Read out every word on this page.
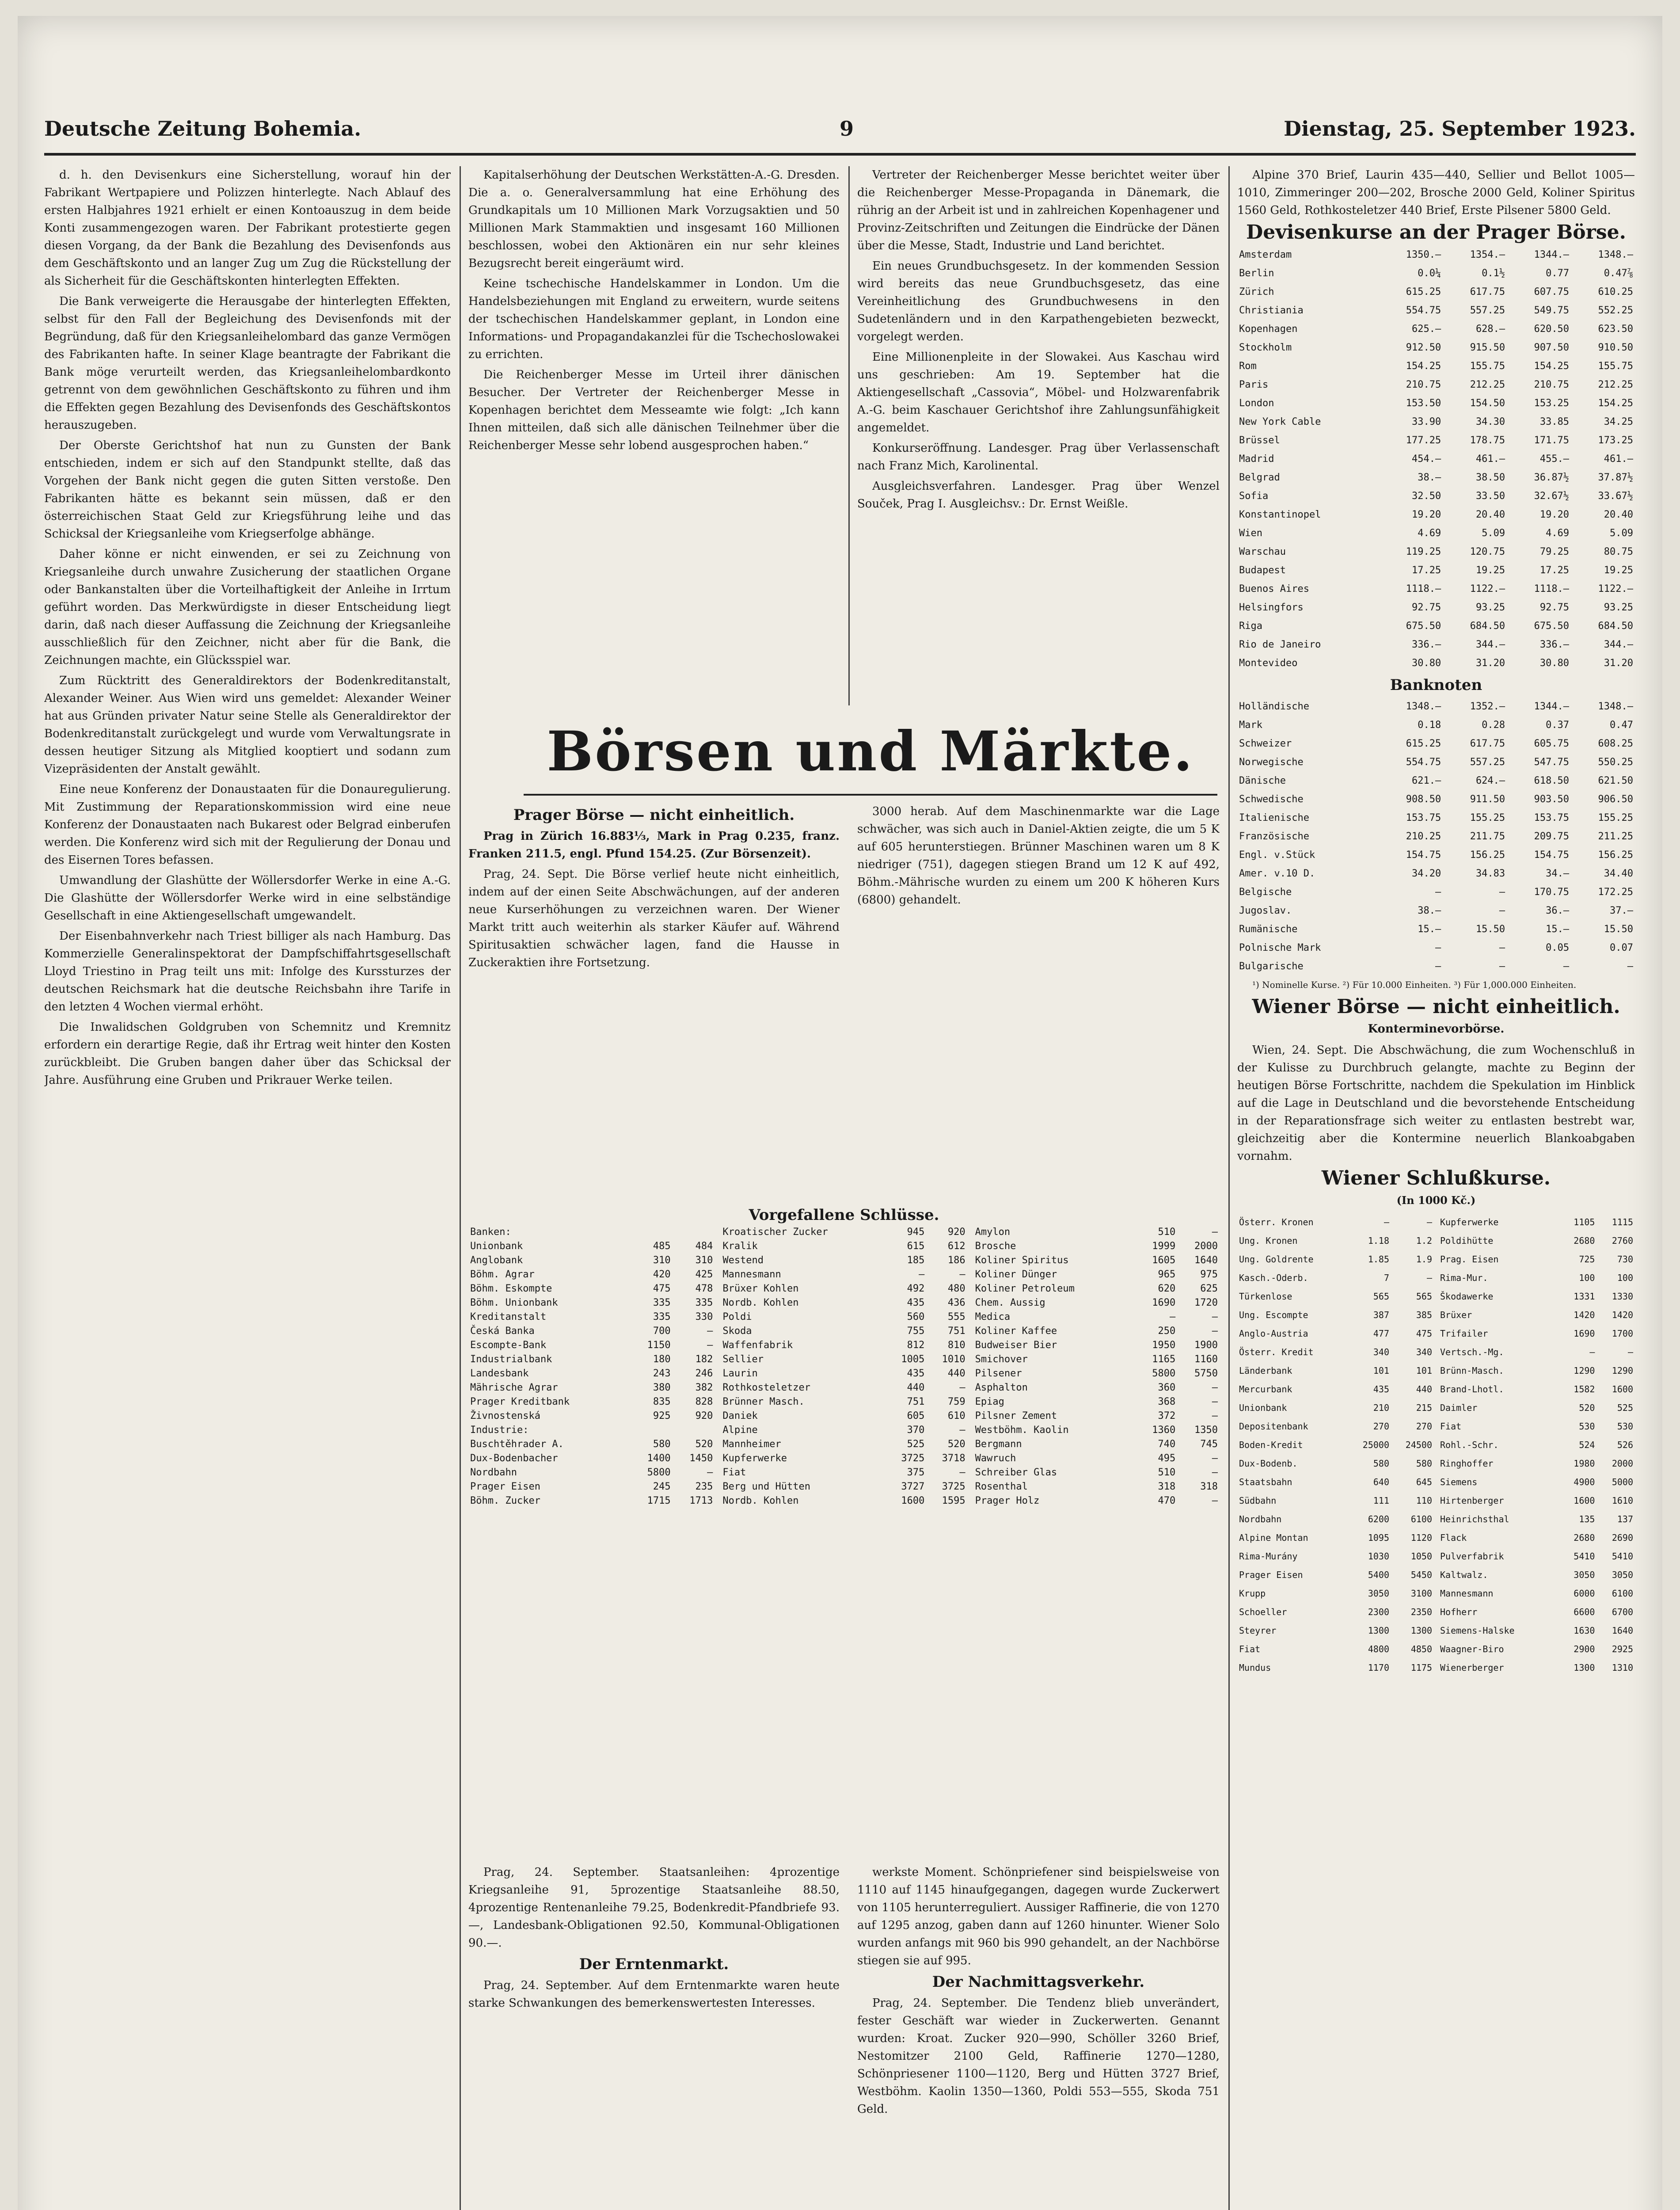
Deutsche Zeitung Bohemia.	9	Dienstag, 25. September 1923.

d. h. den Devisenkurs eine Sicherstellung, worauf hin der Fabrikant Wertpapiere und Polizzen hinterlegte. Nach Ablauf des ersten Halbjahres 1921 erhielt er einen Kontoauszug in dem beide Konti zusammengezogen waren. Der Fabrikant protestierte gegen diesen Vorgang, da der Bank die Bezahlung des Devisenfonds aus dem Geschäftskonto und an langer Zug um Zug die Rückstellung der als Sicherheit für die Geschäftskonten hinterlegten Effekten.

Die Bank verweigerte die Herausgabe der hinterlegten Effekten, selbst für den Fall der Begleichung des Devisenfonds mit der Begründung, daß für den Kriegsanleihelombard das ganze Vermögen des Fabrikanten hafte. In seiner Klage beantragte der Fabrikant die Bank möge verurteilt werden, das Kriegsanleihelombardkonto getrennt von dem gewöhnlichen Geschäftskonto zu führen und ihm die Effekten gegen Bezahlung des Devisenfonds des Geschäftskontos herauszugeben.

Der Oberste Gerichtshof hat nun zu Gunsten der Bank entschieden, indem er sich auf den Standpunkt stellte, daß das Vorgehen der Bank nicht gegen die guten Sitten verstoße. Den Fabrikanten hätte es bekannt sein müssen, daß er den österreichischen Staat Geld zur Kriegsführung leihe und das Schicksal der Kriegsanleihe vom Kriegserfolge abhänge.

Daher könne er nicht einwenden, er sei zu Zeichnung von Kriegsanleihe durch unwahre Zusicherung der staatlichen Organe oder Bankanstalten über die Vorteilhaftigkeit der Anleihe in Irrtum geführt worden. Das Merkwürdigste in dieser Entscheidung liegt darin, daß nach dieser Auffassung die Zeichnung der Kriegsanleihe ausschließlich für den Zeichner, nicht aber für die Bank, die Zeichnungen machte, ein Glücksspiel war.

Zum Rücktritt des Generaldirektors der Bodenkreditanstalt, Alexander Weiner. Aus Wien wird uns gemeldet: Alexander Weiner hat aus Gründen privater Natur seine Stelle als Generaldirektor der Bodenkreditanstalt zurückgelegt und wurde vom Verwaltungsrate in dessen heutiger Sitzung als Mitglied kooptiert und sodann zum Vizepräsidenten der Anstalt gewählt.

Eine neue Konferenz der Donaustaaten für die Donauregulierung. Mit Zustimmung der Reparationskommission wird eine neue Konferenz der Donaustaaten nach Bukarest oder Belgrad einberufen werden. Die Konferenz wird sich mit der Regulierung der Donau und des Eisernen Tores befassen.

Umwandlung der Glashütte der Wöllersdorfer Werke in eine A.-G. Die Glashütte der Wöllersdorfer Werke wird in eine selbständige Gesellschaft in eine Aktiengesellschaft umgewandelt.

Der Eisenbahnverkehr nach Triest billiger als nach Hamburg. Das Kommerzielle Generalinspektorat der Dampfschiffahrtsgesellschaft Lloyd Triestino in Prag teilt uns mit: Infolge des Kurssturzes der deutschen Reichsmark hat die deutsche Reichsbahn ihre Tarife in den letzten 4 Wochen viermal erhöht.

Die Inwalidschen Goldgruben von Schemnitz und Kremnitz erfordern ein derartige Regie, daß ihr Ertrag weit hinter den Kosten zurückbleibt. Die Gruben bangen daher über das Schicksal der Jahre. Ausführung eine Gruben und Prikrauer Werke teilen.

Kapitalserhöhung der Deutschen Werkstätten-A.-G. Dresden. Die a. o. Generalversammlung hat eine Erhöhung des Grundkapitals um 10 Millionen Mark Vorzugsaktien und 50 Millionen Mark Stammaktien und insgesamt 160 Millionen beschlossen, wobei den Aktionären ein nur sehr kleines Bezugsrecht bereit eingeräumt wird.

Keine tschechische Handelskammer in London. Um die Handelsbeziehungen mit England zu erweitern, wurde seitens der tschechischen Handelskammer geplant, in London eine Informations- und Propagandakanzlei für die Tschechoslowakei zu errichten.

Die Reichenberger Messe im Urteil ihrer dänischen Besucher. Der Vertreter der Reichenberger Messe in Kopenhagen berichtet dem Messeamte wie folgt: „Ich kann Ihnen mitteilen, daß sich alle dänischen Teilnehmer über die Reichenberger Messe sehr lobend ausgesprochen haben.“

Vertreter der Reichenberger Messe berichtet weiter über die Reichenberger Messe-Propaganda in Dänemark, die rührig an der Arbeit ist und in zahlreichen Kopenhagener und Provinz-Zeitschriften und Zeitungen die Eindrücke der Dänen über die Messe, Stadt, Industrie und Land berichtet.

Ein neues Grundbuchsgesetz. In der kommenden Session wird bereits das neue Grundbuchsgesetz, das eine Vereinheitlichung des Grundbuchwesens in den Sudetenländern und in den Karpathengebieten bezweckt, vorgelegt werden.

Eine Millionenpleite in der Slowakei. Aus Kaschau wird uns geschrieben: Am 19. September hat die Aktiengesellschaft „Cassovia“, Möbel- und Holzwarenfabrik A.-G. beim Kaschauer Gerichtshof ihre Zahlungsunfähigkeit angemeldet.

Konkurseröffnung. Landesger. Prag über Verlassenschaft nach Franz Mich, Karolinental.

Ausgleichsverfahren. Landesger. Prag über Wenzel Souček, Prag I. Ausgleichsv.: Dr. Ernst Weißle.

Alpine 370 Brief, Laurin 435—440, Sellier und Bellot 1005—1010, Zimmeringer 200—202, Brosche 2000 Geld, Koliner Spiritus 1560 Geld, Rothkosteletzer 440 Brief, Erste Pilsener 5800 Geld.

Devisenkurse an der Prager Börse.
Amsterdam	1350.—	1354.—	1344.—	1348.—
Berlin	0.0¼	0.1½	0.77	0.47⅞
Zürich	615.25	617.75	607.75	610.25
Christiania	554.75	557.25	549.75	552.25
Kopenhagen	625.—	628.—	620.50	623.50
Stockholm	912.50	915.50	907.50	910.50
Rom	154.25	155.75	154.25	155.75
Paris	210.75	212.25	210.75	212.25
London	153.50	154.50	153.25	154.25
New York Cable	33.90	34.30	33.85	34.25
Brüssel	177.25	178.75	171.75	173.25
Madrid	454.—	461.—	455.—	461.—
Belgrad	38.—	38.50	36.87½	37.87½
Sofia	32.50	33.50	32.67½	33.67½
Konstantinopel	19.20	20.40	19.20	20.40
Wien	4.69	5.09	4.69	5.09
Warschau	119.25	120.75	79.25	80.75
Budapest	17.25	19.25	17.25	19.25
Buenos Aires	1118.—	1122.—	1118.—	1122.—
Helsingfors	92.75	93.25	92.75	93.25
Riga	675.50	684.50	675.50	684.50
Rio de Janeiro	336.—	344.—	336.—	344.—
Montevideo	30.80	31.20	30.80	31.20
Banknoten
Holländische	1348.—	1352.—	1344.—	1348.—
Mark	0.18	0.28	0.37	0.47
Schweizer	615.25	617.75	605.75	608.25
Norwegische	554.75	557.25	547.75	550.25
Dänische	621.—	624.—	618.50	621.50
Schwedische	908.50	911.50	903.50	906.50
Italienische	153.75	155.25	153.75	155.25
Französische	210.25	211.75	209.75	211.25
Engl. v.Stück	154.75	156.25	154.75	156.25
Amer. v.10 D.	34.20	34.83	34.—	34.40
Belgische	—	—	170.75	172.25
Jugoslav.	38.—	—	36.—	37.—
Rumänische	15.—	15.50	15.—	15.50
Polnische Mark	—	—	0.05	0.07
Bulgarische	—	—	—	—

¹) Nominelle Kurse. ²) Für 10.000 Einheiten. ³) Für 1,000.000 Einheiten.

Wiener Börse — nicht einheitlich.
Konterminevorbörse.

Wien, 24. Sept. Die Abschwächung, die zum Wochenschluß in der Kulisse zu Durchbruch gelangte, machte zu Beginn der heutigen Börse Fortschritte, nachdem die Spekulation im Hinblick auf die Lage in Deutschland und die bevorstehende Entscheidung in der Reparationsfrage sich weiter zu entlasten bestrebt war, gleichzeitig aber die Kontermine neuerlich Blankoabgaben vornahm.

Wiener Schlußkurse.
(In 1000 Kč.)
Österr. Kronen	—	—
Ung. Kronen	1.18	1.2
Ung. Goldrente	1.85	1.9
Kasch.-Oderb.	7	—
Türkenlose	565	565
Ung. Escompte	387	385
Anglo-Austria	477	475
Österr. Kredit	340	340
Länderbank	101	101
Mercurbank	435	440
Unionbank	210	215
Depositenbank	270	270
Boden-Kredit	25000	24500
Dux-Bodenb.	580	580
Staatsbahn	640	645
Südbahn	111	110
Nordbahn	6200	6100
Alpine Montan	1095	1120
Rima-Murány	1030	1050
Prager Eisen	5400	5450
Krupp	3050	3100
Schoeller	2300	2350
Steyrer	1300	1300
Fiat	4800	4850
Mundus	1170	1175
Kupferwerke	1105	1115
Poldihütte	2680	2760
Prag. Eisen	725	730
Rima-Mur.	100	100
Škodawerke	1331	1330
Brüxer	1420	1420
Trifailer	1690	1700
Vertsch.-Mg.	—	—
Brünn-Masch.	1290	1290
Brand-Lhotl.	1582	1600
Daimler	520	525
Fiat	530	530
Rohl.-Schr.	524	526
Ringhoffer	1980	2000
Siemens	4900	5000
Hirtenberger	1600	1610
Heinrichsthal	135	137
Flack	2680	2690
Pulverfabrik	5410	5410
Kaltwalz.	3050	3050
Mannesmann	6000	6100
Hofherr	6600	6700
Siemens-Halske	1630	1640
Waagner-Biro	2900	2925
Wienerberger	1300	1310
Börsen und Märkte.
Prager Börse — nicht einheitlich.

Prag in Zürich 16.883⅓, Mark in Prag 0.235, franz. Franken 211.5, engl. Pfund 154.25. (Zur Börsenzeit).

Prag, 24. Sept. Die Börse verlief heute nicht einheitlich, indem auf der einen Seite Abschwächungen, auf der anderen neue Kurserhöhungen zu verzeichnen waren. Der Wiener Markt tritt auch weiterhin als starker Käufer auf. Während Spiritusaktien schwächer lagen, fand die Hausse in Zuckeraktien ihre Fortsetzung.

3000 herab. Auf dem Maschinenmarkte war die Lage schwächer, was sich auch in Daniel-Aktien zeigte, die um 5 K auf 605 herunterstiegen. Brünner Maschinen waren um 8 K niedriger (751), dagegen stiegen Brand um 12 K auf 492, Böhm.-Mährische wurden zu einem um 200 K höheren Kurs (6800) gehandelt.

Vorgefallene Schlüsse.
Banken:		
Unionbank	485	484
Anglobank	310	310
Böhm. Agrar	420	425
Böhm. Eskompte	475	478
Böhm. Unionbank	335	335
Kreditanstalt	335	330
Česká Banka	700	—
Escompte-Bank	1150	—
Industrialbank	180	182
Landesbank	243	246
Mährische Agrar	380	382
Prager Kreditbank	835	828
Živnostenská	925	920
Industrie:		
Buschtěhrader A.	580	520
Dux-Bodenbacher	1400	1450
Nordbahn	5800	—
Prager Eisen	245	235
Böhm. Zucker	1715	1713
Kroatischer Zucker	945	920
Kralik	615	612
Westend	185	186
Mannesmann	—	—
Brüxer Kohlen	492	480
Nordb. Kohlen	435	436
Poldi	560	555
Skoda	755	751
Waffenfabrik	812	810
Sellier	1005	1010
Laurin	435	440
Rothkosteletzer	440	—
Brünner Masch.	751	759
Daniek	605	610
Alpine	370	—
Mannheimer	525	520
Kupferwerke	3725	3718
Fiat	375	—
Berg und Hütten	3727	3725
Nordb. Kohlen	1600	1595
Amylon	510	—
Brosche	1999	2000
Koliner Spiritus	1605	1640
Koliner Dünger	965	975
Koliner Petroleum	620	625
Chem. Aussig	1690	1720
Medica	—	—
Koliner Kaffee	250	—
Budweiser Bier	1950	1900
Smichover	1165	1160
Pilsener	5800	5750
Asphalton	360	—
Epiag	368	—
Pilsner Zement	372	—
Westböhm. Kaolin	1360	1350
Bergmann	740	745
Wawruch	495	—
Schreiber Glas	510	—
Rosenthal	318	318
Prager Holz	470	—

Prag, 24. September. Staatsanleihen: 4prozentige Kriegsanleihe 91, 5prozentige Staatsanleihe 88.50, 4prozentige Rentenanleihe 79.25, Bodenkredit-Pfandbriefe 93.—, Landesbank-Obligationen 92.50, Kommunal-Obligationen 90.—.

Der Erntenmarkt.

Prag, 24. September. Auf dem Erntenmarkte waren heute starke Schwankungen des bemerkenswertesten Interesses.

werkste Moment. Schönpriefener sind beispielsweise von 1110 auf 1145 hinaufgegangen, dagegen wurde Zuckerwert von 1105 herunterreguliert. Aussiger Raffinerie, die von 1270 auf 1295 anzog, gaben dann auf 1260 hinunter. Wiener Solo wurden anfangs mit 960 bis 990 gehandelt, an der Nachbörse stiegen sie auf 995.

Der Nachmittagsverkehr.

Prag, 24. September. Die Tendenz blieb unverändert, fester Geschäft war wieder in Zuckerwerten. Genannt wurden: Kroat. Zucker 920—990, Schöller 3260 Brief, Nestomitzer 2100 Geld, Raffinerie 1270—1280, Schönpriesener 1100—1120, Berg und Hütten 3727 Brief, Westböhm. Kaolin 1350—1360, Poldi 553—555, Skoda 751 Geld.
